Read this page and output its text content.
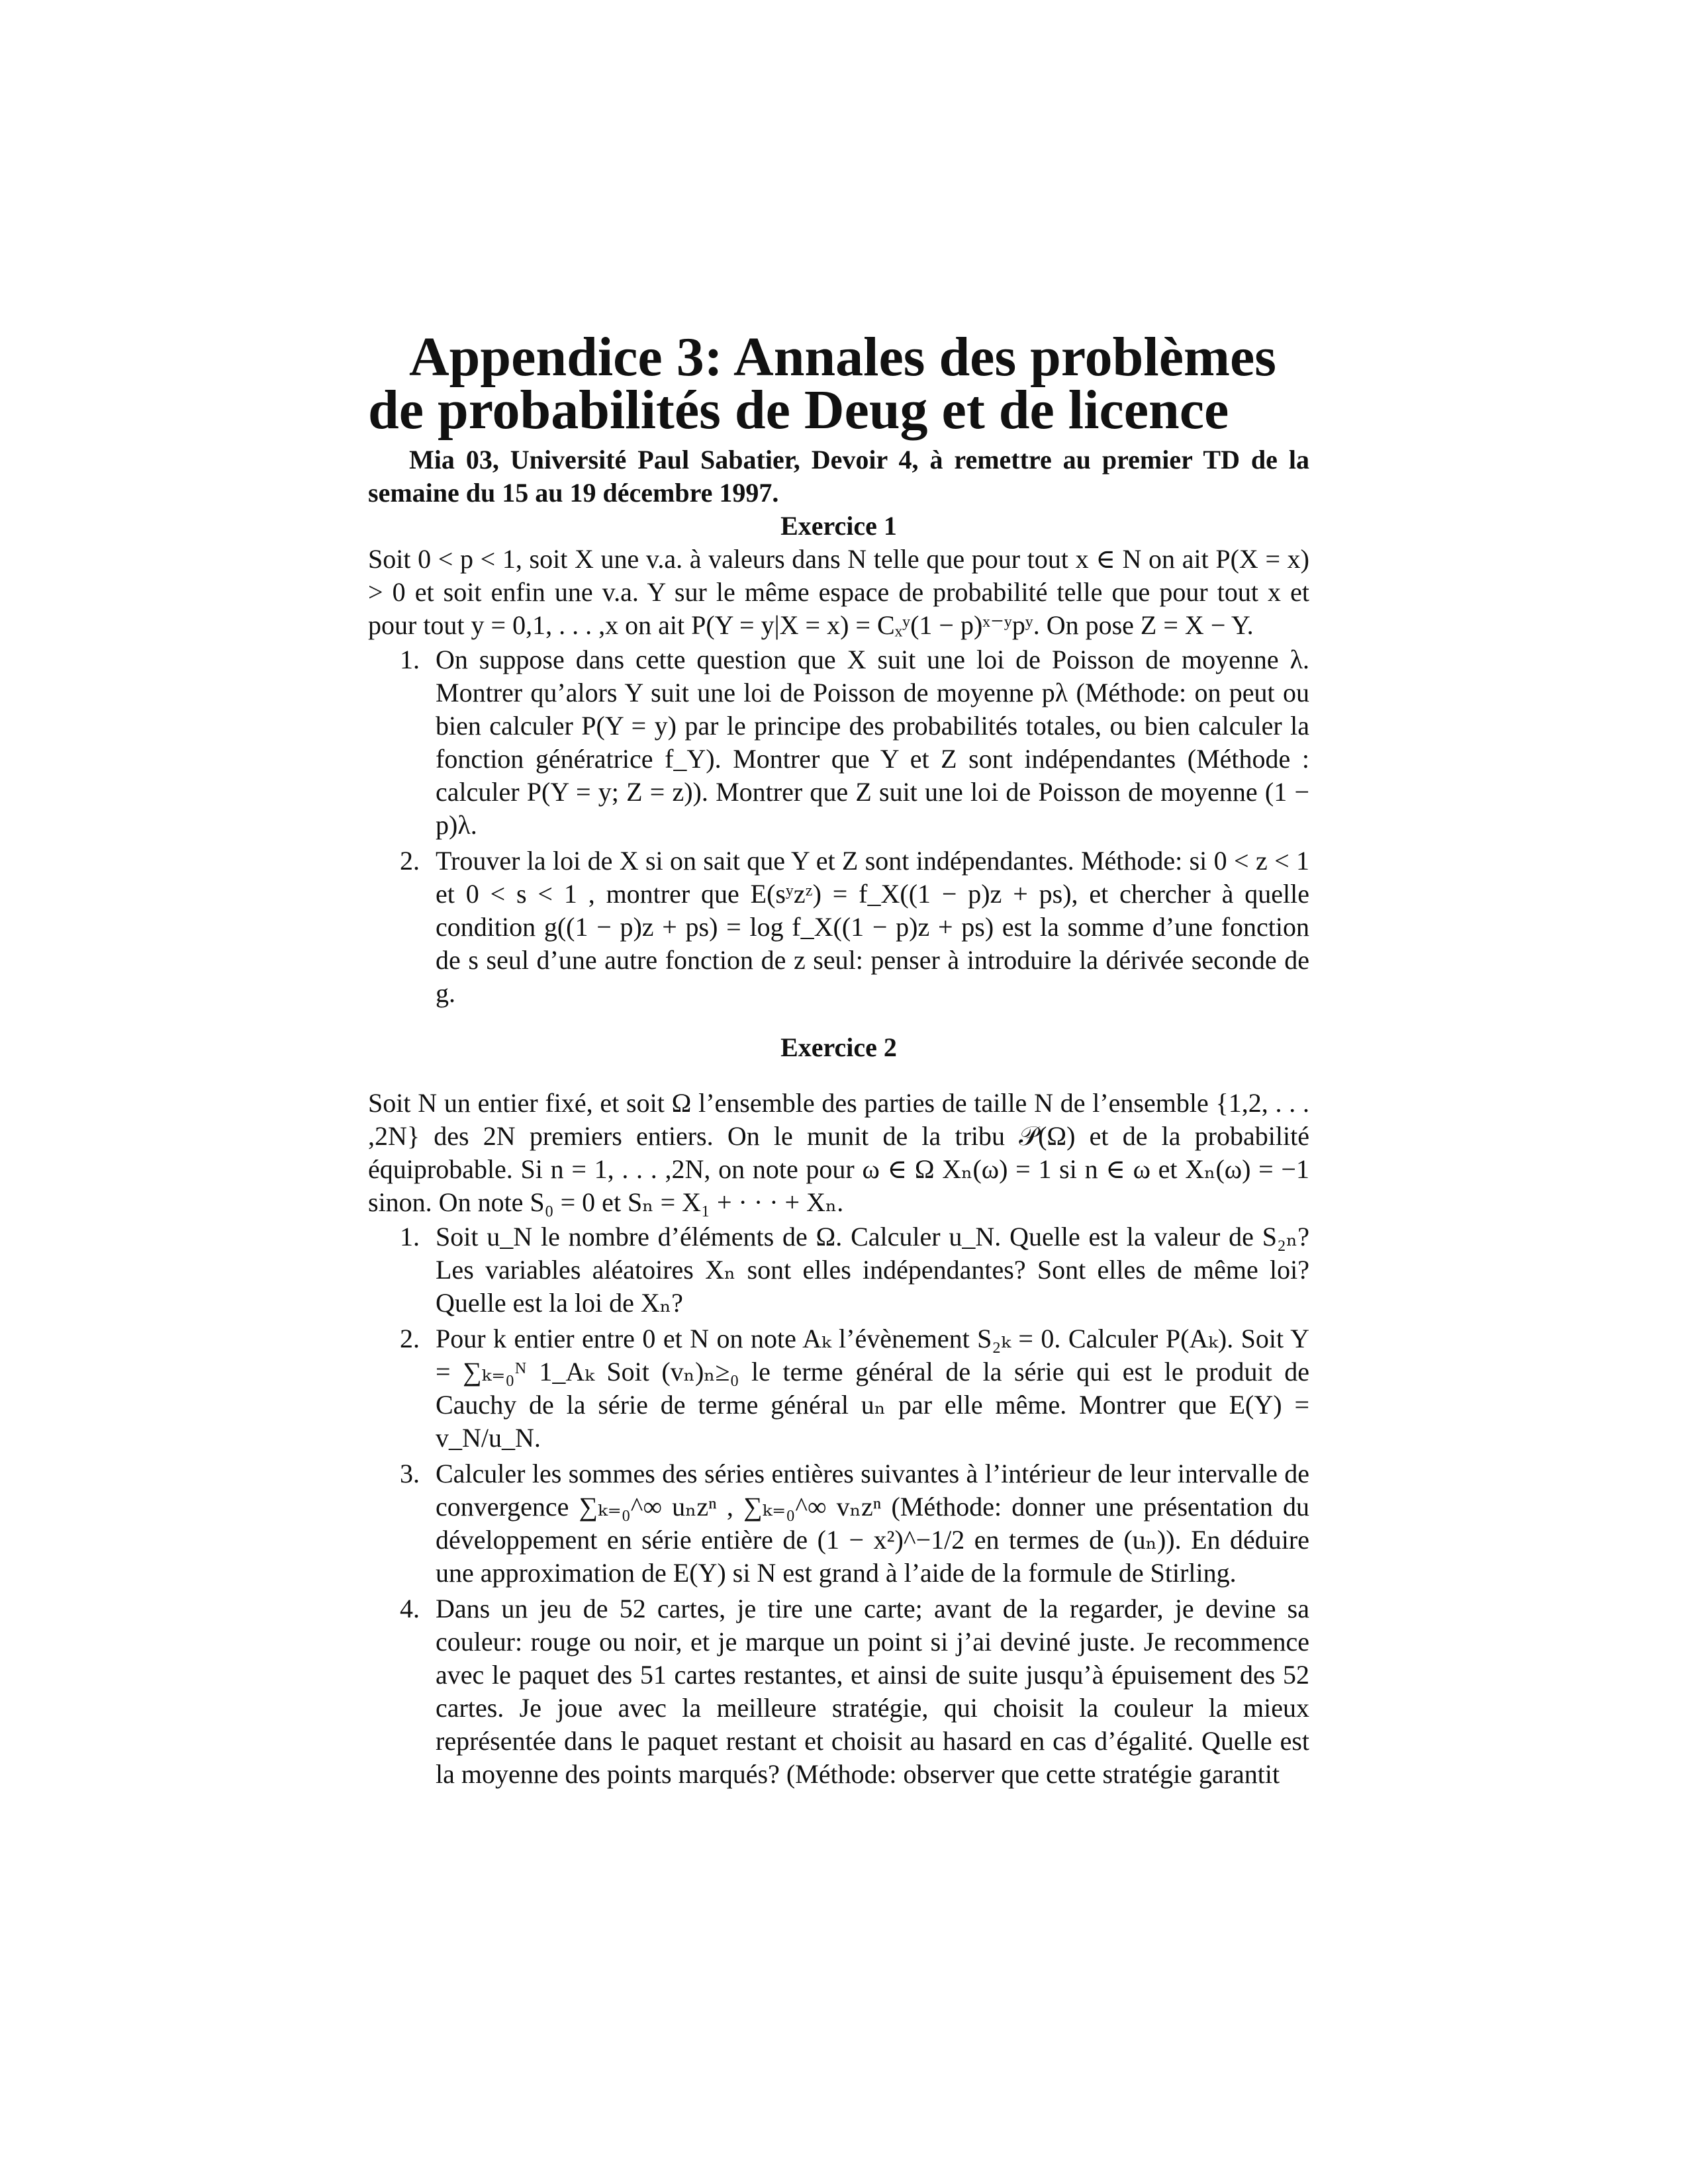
Appendice 3: Annales des problèmes
de probabilités de Deug et de licence

Mia 03, Université Paul Sabatier, Devoir 4, à remettre au premier TD de la semaine du 15 au 19 décembre 1997.

Exercice 1

Soit 0 < p < 1, soit X une v.a. à valeurs dans N telle que pour tout x ∈ N on ait P(X = x) > 0 et soit enfin une v.a. Y sur le même espace de probabilité telle que pour tout x et pour tout y = 0,1, . . . ,x on ait P(Y = y|X = x) = Cₓʸ(1 − p)ˣ⁻ʸpʸ. On pose Z = X − Y.

1. On suppose dans cette question que X suit une loi de Poisson de moyenne λ. Montrer qu’alors Y suit une loi de Poisson de moyenne pλ (Méthode: on peut ou bien calculer P(Y = y) par le principe des probabilités totales, ou bien calculer la fonction génératrice f_Y). Montrer que Y et Z sont indépendantes (Méthode : calculer P(Y = y; Z = z)). Montrer que Z suit une loi de Poisson de moyenne (1 − p)λ.
2. Trouver la loi de X si on sait que Y et Z sont indépendantes. Méthode: si 0 < z < 1 et 0 < s < 1 , montrer que E(sʸzᶻ) = f_X((1 − p)z + ps), et chercher à quelle condition g((1 − p)z + ps) = log f_X((1 − p)z + ps) est la somme d’une fonction de s seul d’une autre fonction de z seul: penser à introduire la dérivée seconde de g.
Exercice 2

Soit N un entier fixé, et soit Ω l’ensemble des parties de taille N de l’ensemble {1,2, . . . ,2N} des 2N premiers entiers. On le munit de la tribu 𝒫(Ω) et de la probabilité équiprobable. Si n = 1, . . . ,2N, on note pour ω ∈ Ω Xₙ(ω) = 1 si n ∈ ω et Xₙ(ω) = −1 sinon. On note S₀ = 0 et Sₙ = X₁ + · · · + Xₙ.

1. Soit u_N le nombre d’éléments de Ω. Calculer u_N. Quelle est la valeur de S₂ₙ? Les variables aléatoires Xₙ sont elles indépendantes? Sont elles de même loi? Quelle est la loi de Xₙ?
2. Pour k entier entre 0 et N on note Aₖ l’évènement S₂ₖ = 0. Calculer P(Aₖ). Soit Y = ∑ₖ₌₀ᴺ 1_Aₖ Soit (vₙ)ₙ≥₀ le terme général de la série qui est le produit de Cauchy de la série de terme général uₙ par elle même. Montrer que E(Y) = v_N/u_N.
3. Calculer les sommes des séries entières suivantes à l’intérieur de leur intervalle de convergence ∑ₖ₌₀^∞ uₙzⁿ , ∑ₖ₌₀^∞ vₙzⁿ (Méthode: donner une présentation du développement en série entière de (1 − x²)^−1/2 en termes de (uₙ)). En déduire une approximation de E(Y) si N est grand à l’aide de la formule de Stirling.
4. Dans un jeu de 52 cartes, je tire une carte; avant de la regarder, je devine sa couleur: rouge ou noir, et je marque un point si j’ai deviné juste. Je recommence avec le paquet des 51 cartes restantes, et ainsi de suite jusqu’à épuisement des 52 cartes. Je joue avec la meilleure stratégie, qui choisit la couleur la mieux représentée dans le paquet restant et choisit au hasard en cas d’égalité. Quelle est la moyenne des points marqués? (Méthode: observer que cette stratégie garantit
